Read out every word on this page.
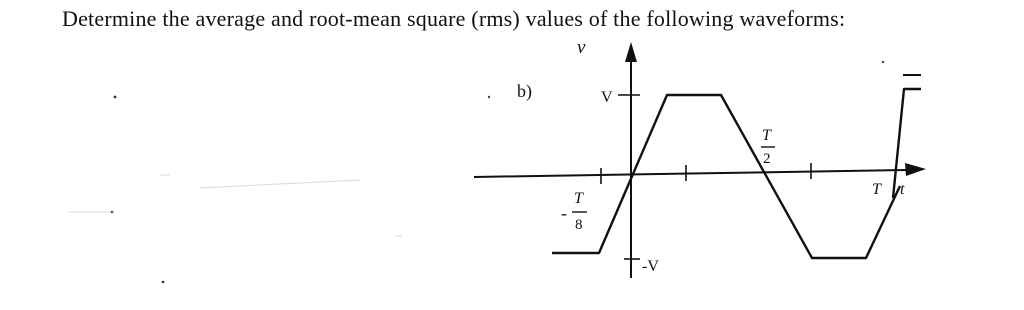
Determine the average and root-mean square (rms) values of the following waveforms:
v
b)	V
-V
T
2
-
T
8
T t
